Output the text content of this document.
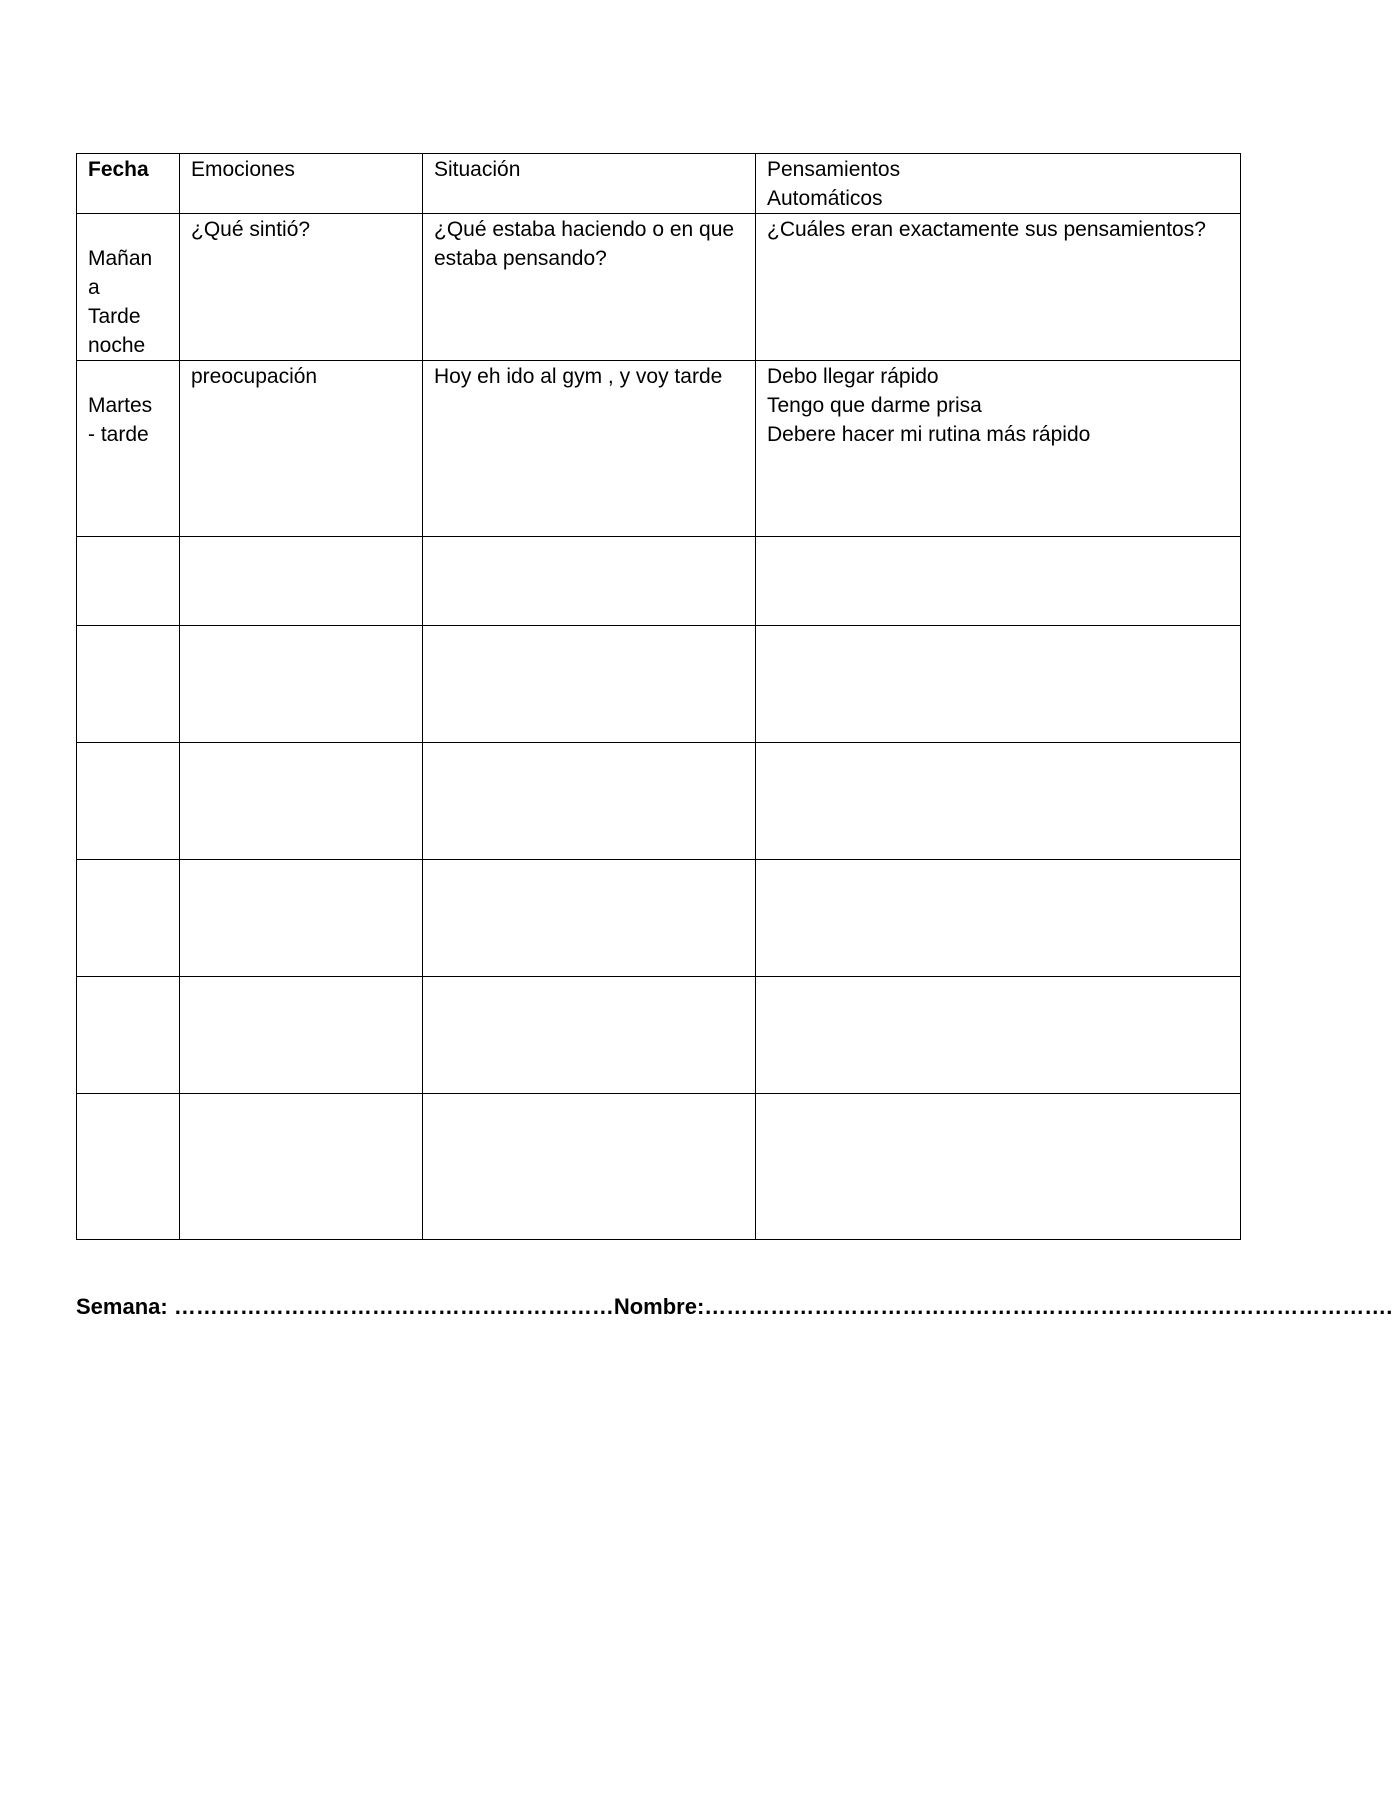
Fecha	Emociones	Situación	Pensamientos
Automáticos

Mañan
a
Tarde
noche	¿Qué sintió?	¿Qué estaba haciendo o en que estaba pensando?	¿Cuáles eran exactamente sus pensamientos?

Martes
- tarde	preocupación	Hoy eh ido al gym , y voy tarde	Debo llegar rápido
Tengo que darme prisa
Debere hacer mi rutina más rápido

Semana: ……………………………………………………Nombre:………………………………………………………………………………….
